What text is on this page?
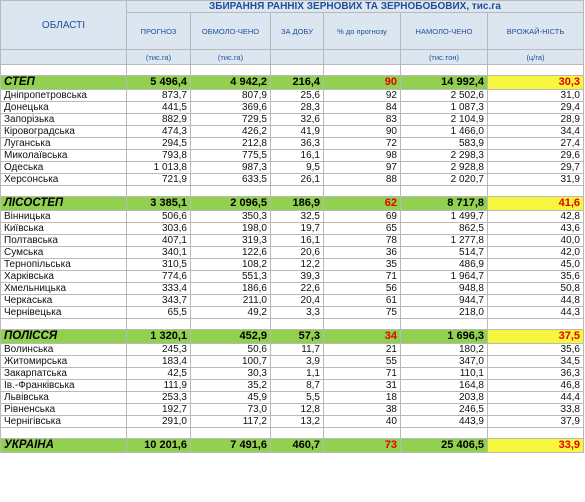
ОБЛАСТІ	ЗБИРАННЯ РАННІХ ЗЕРНОВИХ ТА ЗЕРНОБОБОВИХ, тис.га					
	ПРОГНОЗ	ОБМОЛО-ЧЕНО	ЗА ДОБУ	% до прогнозу	НАМОЛО-ЧЕНО	ВРОЖАЙ-НІСТЬ
	(тис.га)	(тис.га)			(тис.тон)	(ц/га)

СТЕП	5 496,4	4 942,2	216,4	90	14 992,4	30,3
Дніпропетровська	873,7	807,9	25,6	92	2 502,6	31,0
Донецька	441,5	369,6	28,3	84	1 087,3	29,4
Запорізька	882,9	729,5	32,6	83	2 104,9	28,9
Кіровоградська	474,3	426,2	41,9	90	1 466,0	34,4
Луганська	294,5	212,8	36,3	72	583,9	27,4
Миколаївська	793,8	775,5	16,1	98	2 298,3	29,6
Одеська	1 013,8	987,3	9,5	97	2 928,8	29,7
Херсонська	721,9	633,5	26,1	88	2 020,7	31,9

ЛІСОСТЕП	3 385,1	2 096,5	186,9	62	8 717,8	41,6
Вінницька	506,6	350,3	32,5	69	1 499,7	42,8
Київська	303,6	198,0	19,7	65	862,5	43,6
Полтавська	407,1	319,3	16,1	78	1 277,8	40,0
Сумська	340,1	122,6	20,6	36	514,7	42,0
Тернопільська	310,5	108,2	12,2	35	486,9	45,0
Харківська	774,6	551,3	39,3	71	1 964,7	35,6
Хмельницька	333,4	186,6	22,6	56	948,8	50,8
Черкаська	343,7	211,0	20,4	61	944,7	44,8
Чернівецька	65,5	49,2	3,3	75	218,0	44,3

ПОЛІССЯ	1 320,1	452,9	57,3	34	1 696,3	37,5
Волинська	245,3	50,6	11,7	21	180,2	35,6
Житомирська	183,4	100,7	3,9	55	347,0	34,5
Закарпатська	42,5	30,3	1,1	71	110,1	36,3
Ів.-Франківська	111,9	35,2	8,7	31	164,8	46,8
Львівська	253,3	45,9	5,5	18	203,8	44,4
Рівненська	192,7	73,0	12,8	38	246,5	33,8
Чернігівська	291,0	117,2	13,2	40	443,9	37,9

УКРАЇНА	10 201,6	7 491,6	460,7	73	25 406,5	33,9
